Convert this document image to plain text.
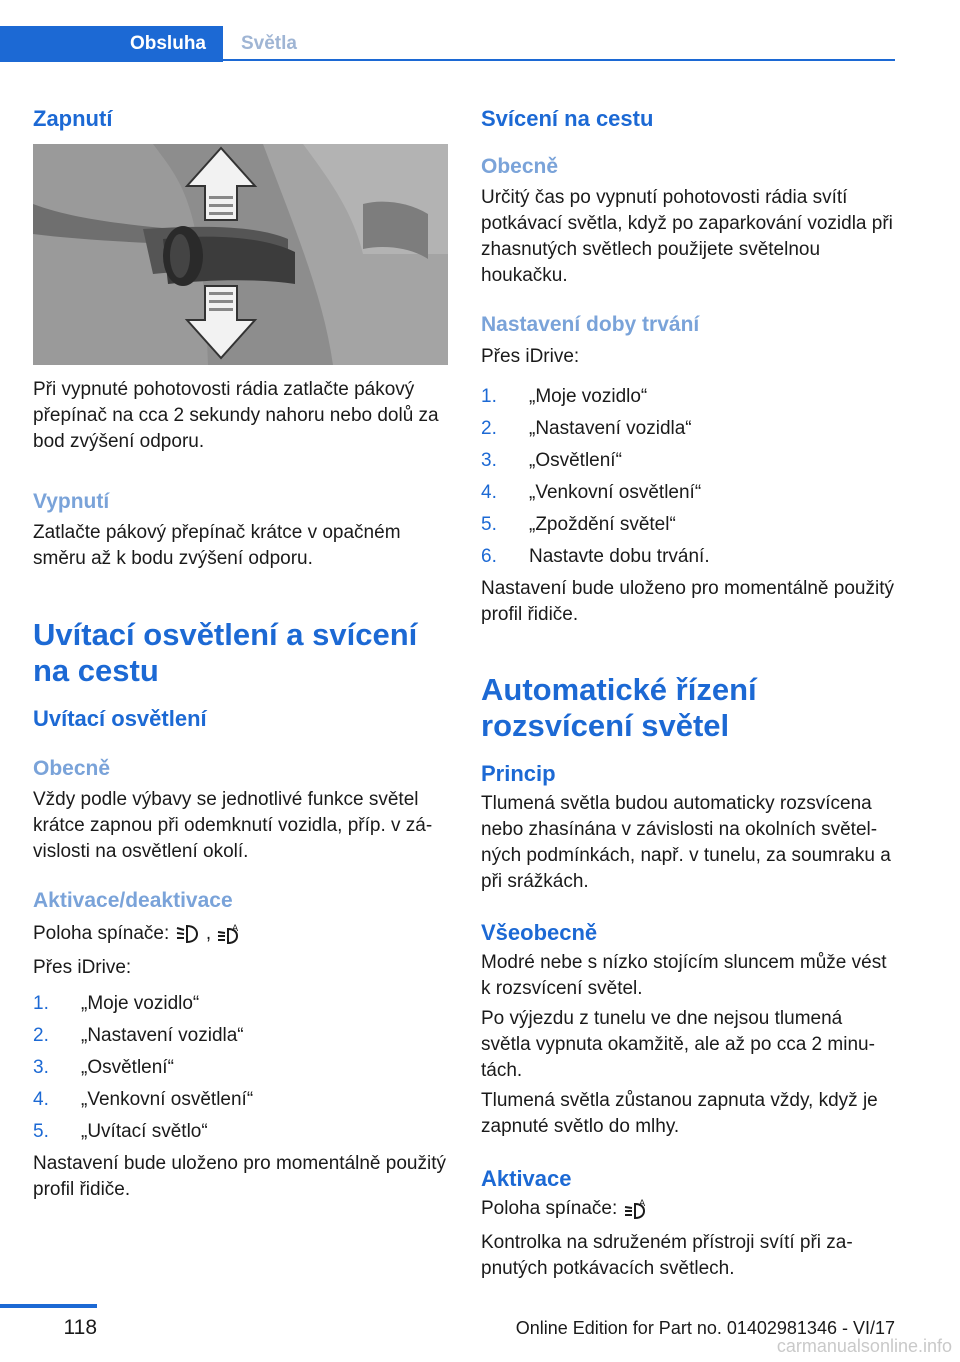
Obsluha	Světla
Zapnutí
Při vypnuté pohotovosti rádia zatlačte pákový přepínač na cca 2 sekundy nahoru nebo dolů za bod zvýšení odporu.
Vypnutí
Zatlačte pákový přepínač krátce v opačném směru až k bodu zvýšení odporu.
Uvítací osvětlení a svícení na cestu
Uvítací osvětlení
Obecně
Vždy podle výbavy se jednotlivé funkce světel krátce zapnou při odemknutí vozidla, příp. v závislosti na osvětlení okolí.
Aktivace/deaktivace
Poloha spínače: , A
Přes iDrive:
1. „Moje vozidlo“
2. „Nastavení vozidla“
3. „Osvětlení“
4. „Venkovní osvětlení“
5. „Uvítací světlo“
Nastavení bude uloženo pro momentálně použitý profil řidiče.
Svícení na cestu
Obecně
Určitý čas po vypnutí pohotovosti rádia svítí potkávací světla, když po zaparkování vozidla při zhasnutých světlech použijete světelnou houkačku.
Nastavení doby trvání
Přes iDrive:
1. „Moje vozidlo“
2. „Nastavení vozidla“
3. „Osvětlení“
4. „Venkovní osvětlení“
5. „Zpoždění světel“
6. Nastavte dobu trvání.
Nastavení bude uloženo pro momentálně použitý profil řidiče.
Automatické řízení rozsvícení světel
Princip
Tlumená světla budou automaticky rozsvícena nebo zhasínána v závislosti na okolních světelných podmínkách, např. v tunelu, za soumraku a při srážkách.
Všeobecně
Modré nebe s nízko stojícím sluncem může vést k rozsvícení světel.
Po výjezdu z tunelu ve dne nejsou tlumená světla vypnuta okamžitě, ale až po cca 2 minutách.
Tlumená světla zůstanou zapnuta vždy, když je zapnuté světlo do mlhy.
Aktivace
Poloha spínače: A
Kontrolka na sdruženém přístroji svítí při zapnutých potkávacích světlech.
118	Online Edition for Part no. 01402981346 - VI/17
carmanualsonline.info
